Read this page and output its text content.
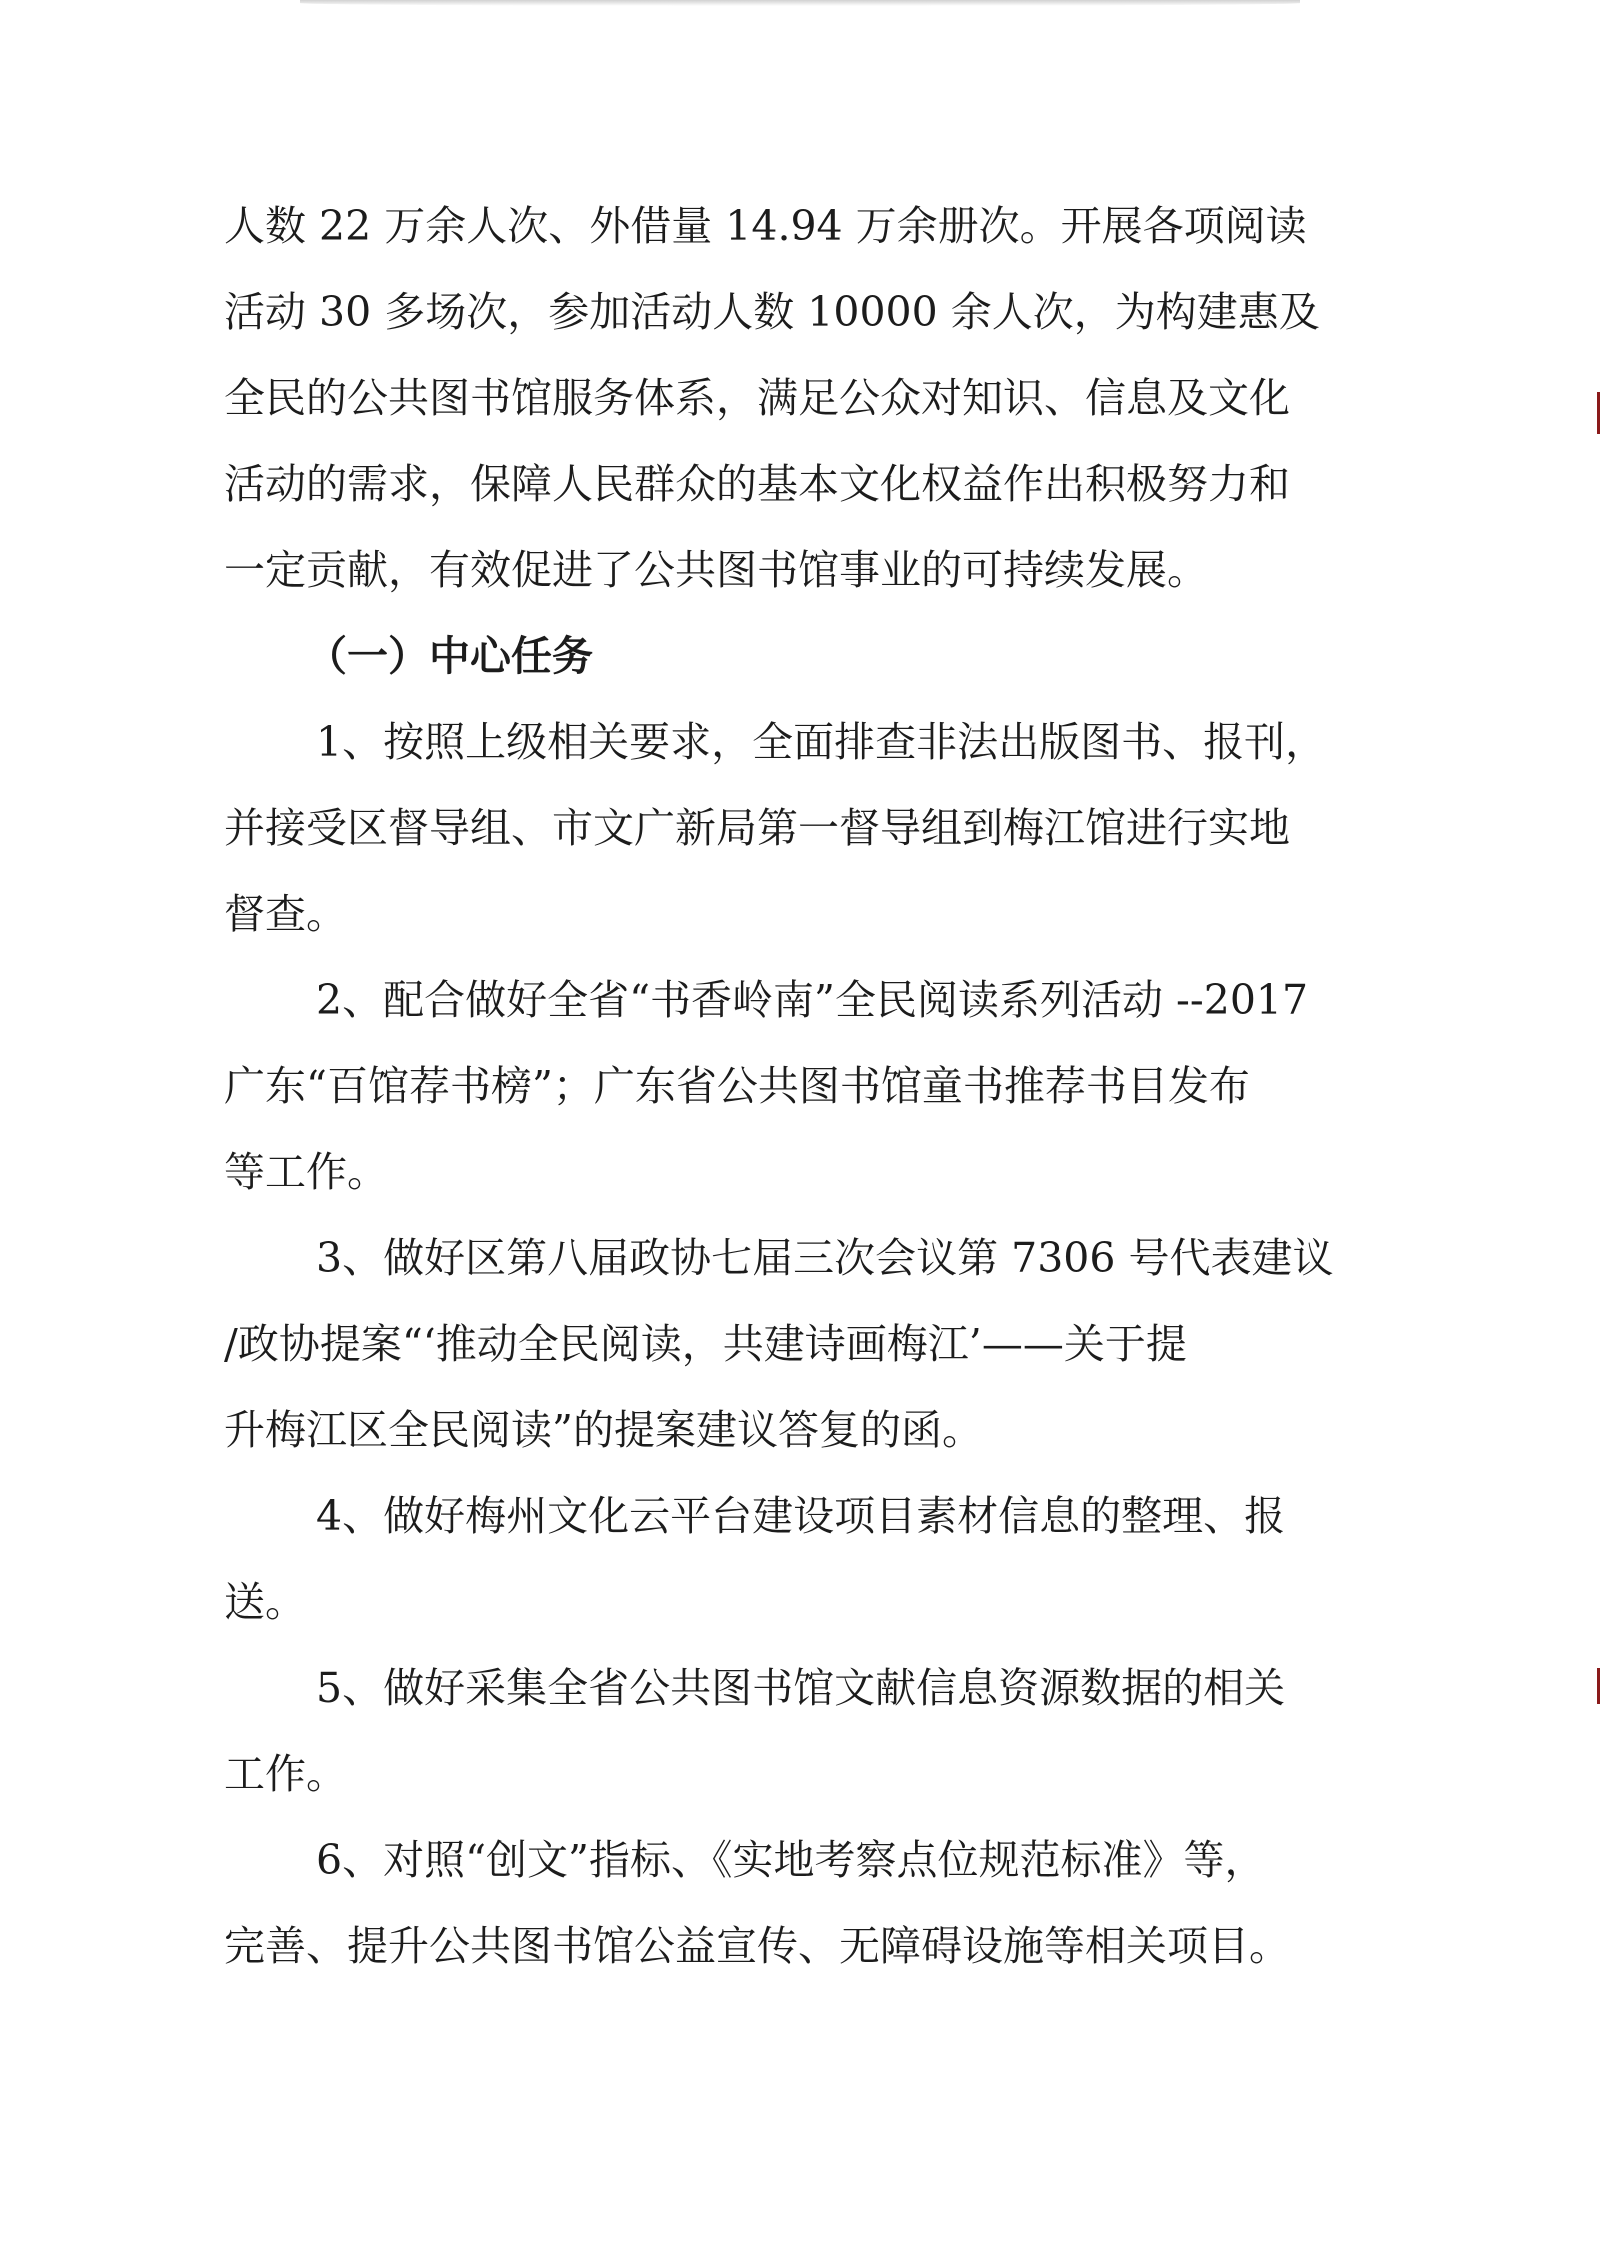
人数 22 万余人次、外借量 14.94 万余册次。开展各项阅读
活动 30 多场次，参加活动人数 10000 余人次，为构建惠及
全民的公共图书馆服务体系，满足公众对知识、信息及文化
活动的需求，保障人民群众的基本文化权益作出积极努力和
一定贡献，有效促进了公共图书馆事业的可持续发展。
（一）中心任务
1、按照上级相关要求，全面排查非法出版图书、报刊，
并接受区督导组、市文广新局第一督导组到梅江馆进行实地
督查。
2、配合做好全省“书香岭南”全民阅读系列活动 --2017
广东“百馆荐书榜”；广东省公共图书馆童书推荐书目发布
等工作。
3、做好区第八届政协七届三次会议第 7306 号代表建议
/政协提案“‘推动全民阅读，共建诗画梅江’——关于提
升梅江区全民阅读”的提案建议答复的函。
4、做好梅州文化云平台建设项目素材信息的整理、报
送。
5、做好采集全省公共图书馆文献信息资源数据的相关
工作。
6、对照“创文”指标、《实地考察点位规范标准》等，
完善、提升公共图书馆公益宣传、无障碍设施等相关项目。
